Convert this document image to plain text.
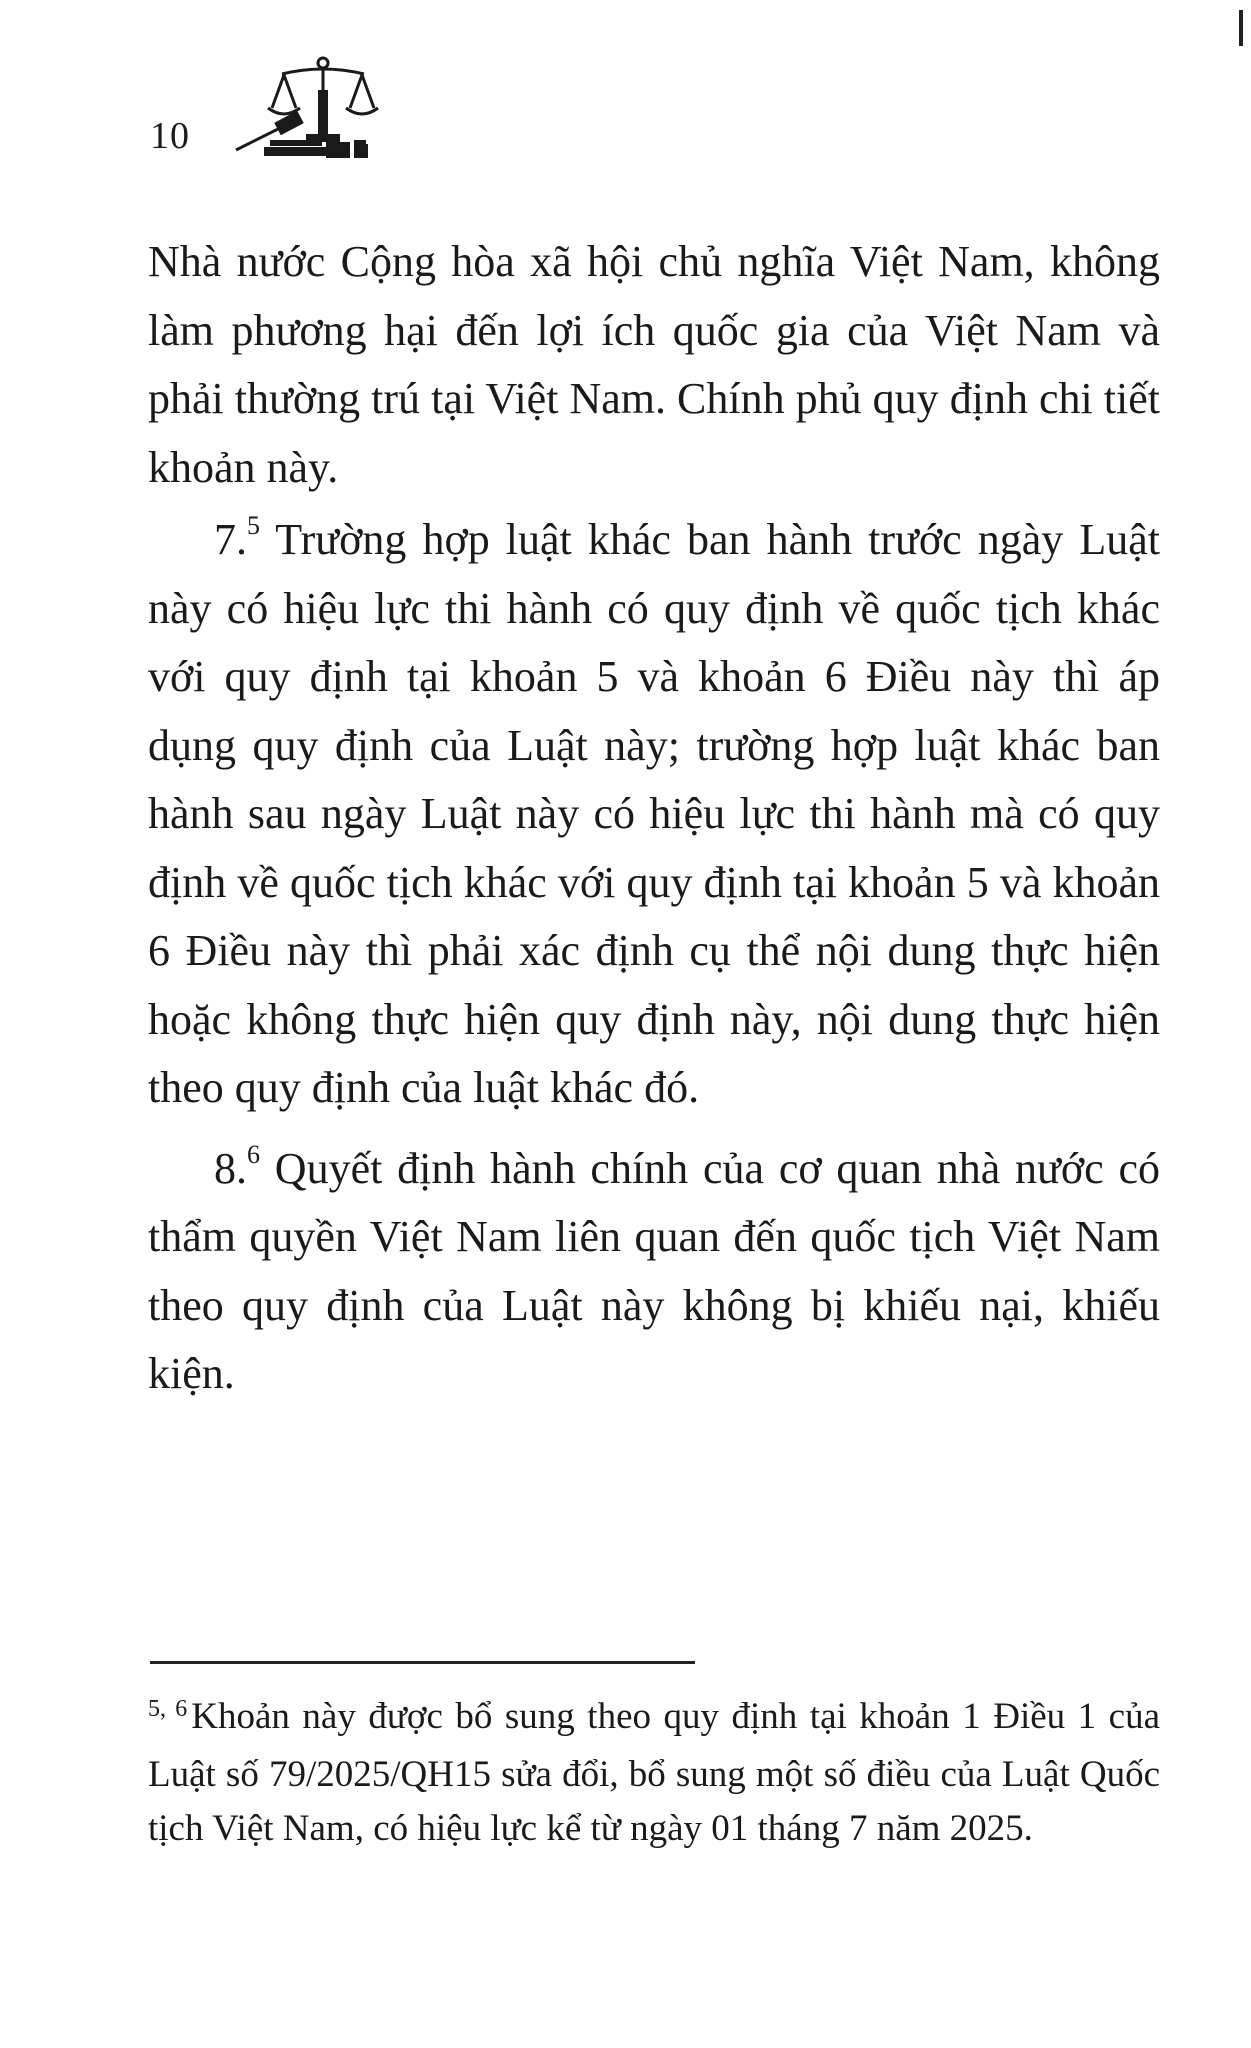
10

Nhà nước Cộng hòa xã hội chủ nghĩa Việt Nam, không làm phương hại đến lợi ích quốc gia của Việt Nam và phải thường trú tại Việt Nam. Chính phủ quy định chi tiết khoản này.

7.$^5$ Trường hợp luật khác ban hành trước ngày Luật này có hiệu lực thi hành có quy định về quốc tịch khác với quy định tại khoản 5 và khoản 6 Điều này thì áp dụng quy định của Luật này; trường hợp luật khác ban hành sau ngày Luật này có hiệu lực thi hành mà có quy định về quốc tịch khác với quy định tại khoản 5 và khoản 6 Điều này thì phải xác định cụ thể nội dung thực hiện hoặc không thực hiện quy định này, nội dung thực hiện theo quy định của luật khác đó.

8.$^6$ Quyết định hành chính của cơ quan nhà nước có thẩm quyền Việt Nam liên quan đến quốc tịch Việt Nam theo quy định của Luật này không bị khiếu nại, khiếu kiện.

$^{5, 6}$ Khoản này được bổ sung theo quy định tại khoản 1 Điều 1 của Luật số 79/2025/QH15 sửa đổi, bổ sung một số điều của Luật Quốc tịch Việt Nam, có hiệu lực kể từ ngày 01 tháng 7 năm 2025.
